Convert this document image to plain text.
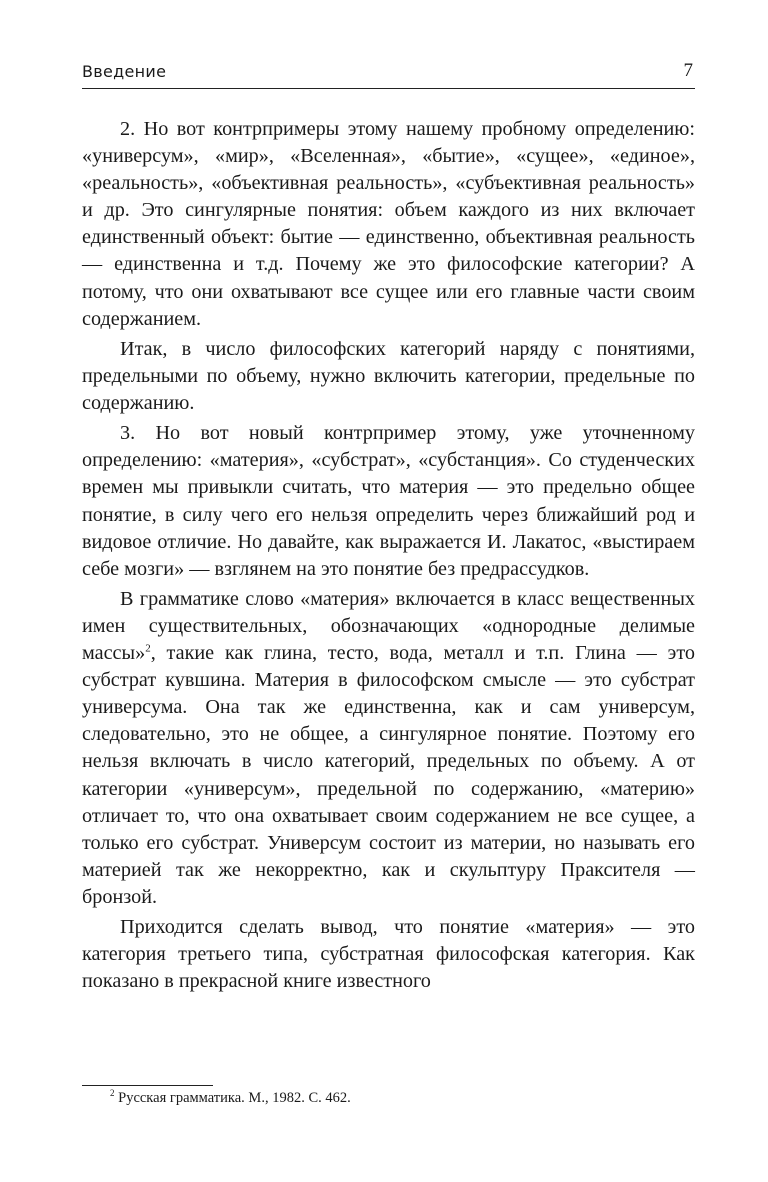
Введение	7

2. Но вот контрпримеры этому нашему пробному определению: «универсум», «мир», «Вселенная», «бытие», «сущее», «единое», «реальность», «объективная реальность», «субъективная реальность» и др. Это сингулярные понятия: объем каждого из них включает единственный объект: бытие — единственно, объективная реальность — единственна и т.д. Почему же это философские категории? А потому, что они охватывают все сущее или его главные части своим содержанием.

Итак, в число философских категорий наряду с понятиями, предельными по объему, нужно включить категории, предельные по содержанию.

3. Но вот новый контрпример этому, уже уточненному определению: «материя», «субстрат», «субстанция». Со студенческих времен мы привыкли считать, что материя — это предельно общее понятие, в силу чего его нельзя определить через ближайший род и видовое отличие. Но давайте, как выражается И. Лакатос, «выстираем себе мозги» — взглянем на это понятие без предрассудков.

В грамматике слово «материя» включается в класс вещественных имен существительных, обозначающих «однородные делимые массы»$^2$, такие как глина, тесто, вода, металл и т.п. Глина — это субстрат кувшина. Материя в философском смысле — это субстрат универсума. Она так же единственна, как и сам универсум, следовательно, это не общее, а сингулярное понятие. Поэтому его нельзя включать в число категорий, предельных по объему. А от категории «универсум», предельной по содержанию, «материю» отличает то, что она охватывает своим содержанием не все сущее, а только его субстрат. Универсум состоит из материи, но называть его материей так же некорректно, как и скульптуру Праксителя — бронзой.

Приходится сделать вывод, что понятие «материя» — это категория третьего типа, субстратная философская категория. Как показано в прекрасной книге известного

$^2$ Русская грамматика. М., 1982. С. 462.
